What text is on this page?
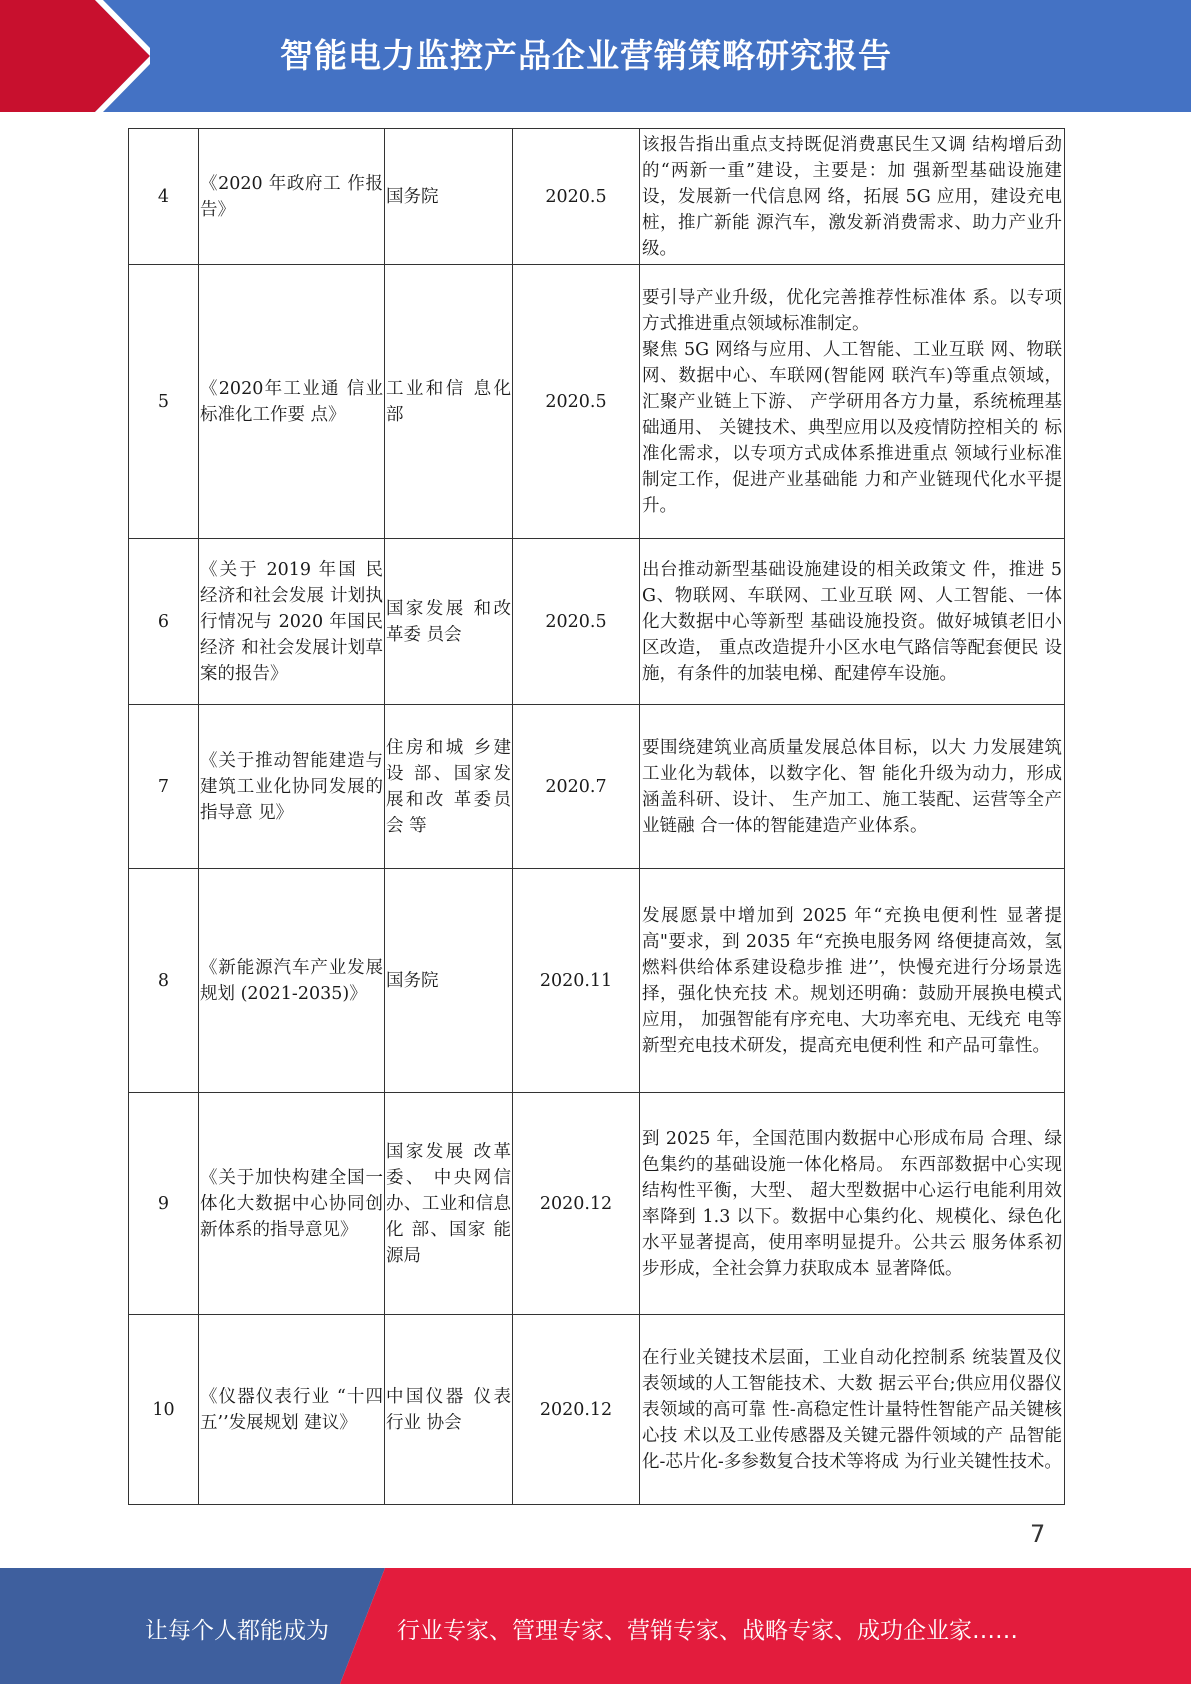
智能电力监控产品企业营销策略研究报告
4	《2020 年政府工 作报告》	国务院	2020.5	该报告指出重点支持既促消费惠民生又调 结构增后劲的“两新一重”建设，主要是：加 强新型基础设施建设，发展新一代信息网 络，拓展 5G 应用，建设充电桩，推广新能 源汽车，激发新消费需求、助力产业升级。
5	《2020年工业通 信业标准化工作要 点》	工业和信 息化部	2020.5	要引导产业升级，优化完善推荐性标准体 系。以专项方式推进重点领域标准制定。
聚焦 5G 网络与应用、人工智能、工业互联 网、物联网、数据中心、车联网(智能网 联汽车)等重点领域，汇聚产业链上下游、 产学研用各方力量，系统梳理基础通用、 关键技术、典型应用以及疫情防控相关的 标准化需求，以专项方式成体系推进重点 领域行业标准制定工作，促进产业基础能 力和产业链现代化水平提升。
6	《关于 2019 年国 民经济和社会发展 计划执行情况与 2020 年国民经济 和社会发展计划草 案的报告》	国家发展 和改革委 员会	2020.5	出台推动新型基础设施建设的相关政策文 件，推进 5G、物联网、车联网、工业互联 网、人工智能、一体化大数据中心等新型 基础设施投资。做好城镇老旧小区改造， 重点改造提升小区水电气路信等配套便民 设施，有条件的加装电梯、配建停车设施。
7	《关于推动智能建造与建筑工业化协同发展的指导意 见》	住房和城 乡建设 部、国家发展和改 革委员会 等	2020.7	要围绕建筑业高质量发展总体目标，以大 力发展建筑工业化为载体，以数字化、智 能化升级为动力，形成涵盖科研、设计、 生产加工、施工装配、运营等全产业链融 合一体的智能建造产业体系。
8	《新能源汽车产业发展规划 (2021-2035)》	国务院	2020.11	发展愿景中增加到 2025 年“充换电便利性 显著提高"要求，到 2035 年“充换电服务网 络便捷高效，氢燃料供给体系建设稳步推 进’’，快慢充进行分场景选择，强化快充技 术。规划还明确：鼓励开展换电模式应用， 加强智能有序充电、大功率充电、无线充 电等新型充电技术研发，提高充电便利性 和产品可靠性。
9	《关于加快构建全国一体化大数据中心协同创新体系的指导意见》	国家发展 改革委、 中央网信 办、工业和信息化 部、国家 能源局	2020.12	到 2025 年，全国范围内数据中心形成布局 合理、绿色集约的基础设施一体化格局。 东西部数据中心实现结构性平衡，大型、 超大型数据中心运行电能利用效率降到 1.3 以下。数据中心集约化、规模化、绿色化 水平显著提高，使用率明显提升。公共云 服务体系初步形成，全社会算力获取成本 显著降低。
10	《仪器仪表行业 “十四五’’发展规划 建议》	中国仪器 仪表行业 协会	2020.12	在行业关键技术层面，工业自动化控制系 统装置及仪表领域的人工智能技术、大数 据云平台;供应用仪器仪表领域的高可靠 性-高稳定性计量特性智能产品关键核心技 术以及工业传感器及关键元器件领域的产 品智能化-芯片化-多参数复合技术等将成 为行业关键性技术。
7
让每个人都能成为	行业专家、管理专家、营销专家、战略专家、成功企业家……
